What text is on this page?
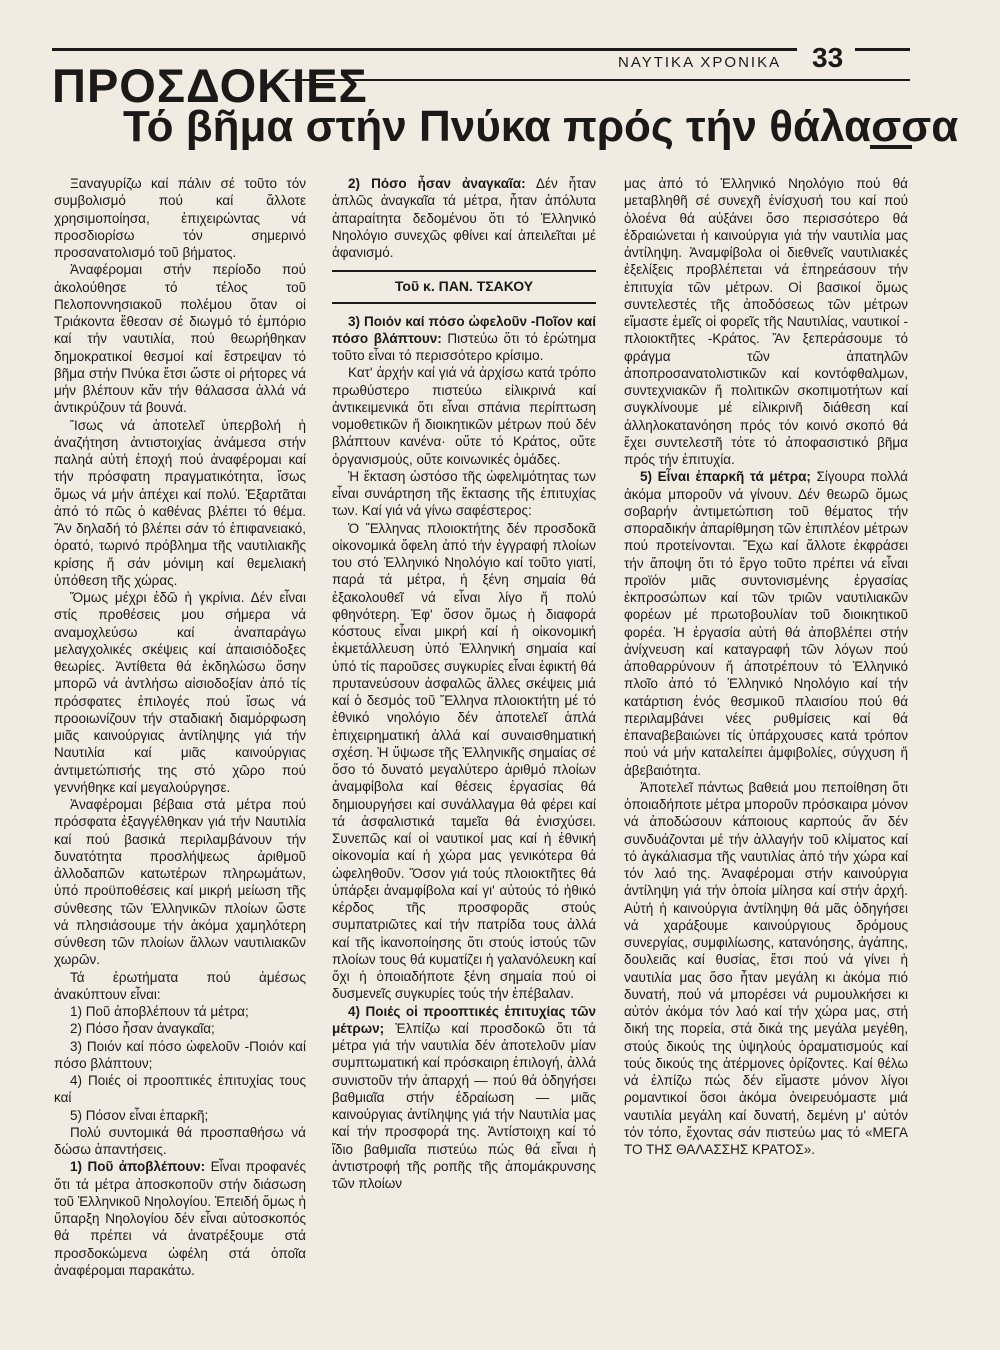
ΝΑΥΤΙΚΑ ΧΡΟΝΙΚΑ 33
ΠΡΟΣΔΟΚΙΕΣ
Τό βῆμα στήν Πνύκα πρός τήν θάλασσα

Ξαναγυρίζω καί πάλιν σέ τοῦτο τόν συμβολισμό πού καί ἄλλοτε χρησιμοποίησα, ἐπιχειρώντας νά προσδιορίσω τόν σημερινό προσανατολισμό τοῦ βήματος.

Ἀναφέρομαι στήν περίοδο πού ἀκολούθησε τό τέλος τοῦ Πελοποννησιακοῦ πολέμου ὅταν οἱ Τριάκοντα ἔθεσαν σέ διωγμό τό ἐμπόριο καί τήν ναυτιλία, πού θεωρήθηκαν δημοκρατικοί θεσμοί καί ἔστρεψαν τό βῆμα στήν Πνύκα ἔτσι ὥστε οἱ ρήτορες νά μήν βλέπουν κἄν τήν θάλασσα ἀλλά νά ἀντικρύζουν τά βουνά.

Ἴσως νά ἀποτελεῖ ὑπερβολή ἡ ἀναζήτηση ἀντιστοιχίας ἀνάμεσα στήν παληά αὐτή ἐποχή πού ἀναφέρομαι καί τήν πρόσφατη πραγματικότητα, ἴσως ὅμως νά μήν ἀπέχει καί πολύ. Ἐξαρτᾶται ἀπό τό πῶς ὁ καθένας βλέπει τό θέμα. Ἄν δηλαδή τό βλέπει σάν τό ἐπιφανειακό, ὁρατό, τωρινό πρόβλημα τῆς ναυτιλιακῆς κρίσης ἤ σάν μόνιμη καί θεμελιακή ὑπόθεση τῆς χώρας.

Ὅμως μέχρι ἐδῶ ἡ γκρίνια. Δέν εἶναι στίς προθέσεις μου σήμερα νά αναμοχλεύσω καί ἀναπαράγω μελαγχολικές σκέψεις καί ἀπαισιόδοξες θεωρίες. Ἀντίθετα θά ἐκδηλώσω ὅσην μπορῶ νά ἀντλήσω αἰσιοδοξίαν ἀπό τίς πρόσφατες ἐπιλογές πού ἴσως νά προοιωνίζουν τήν σταδιακή διαμόρφωση μιᾶς καινούργιας ἀντίληψης γιά τήν Ναυτιλία καί μιᾶς καινούργιας ἀντιμετώπισής της στό χῶρο πού γεννήθηκε καί μεγαλούργησε.

Ἀναφέρομαι βέβαια στά μέτρα πού πρόσφατα ἐξαγγέλθηκαν γιά τήν Ναυτιλία καί πού βασικά περιλαμβάνουν τήν δυνατότητα προσλήψεως ἀριθμοῦ ἀλλοδαπῶν κατωτέρων πληρωμάτων, ὑπό προϋποθέσεις καί μικρή μείωση τῆς σύνθεσης τῶν Ἑλληνικῶν πλοίων ὥστε νά πλησιάσουμε τήν ἀκόμα χαμηλότερη σύνθεση τῶν πλοίων ἄλλων ναυτιλιακῶν χωρῶν.

Τά ἐρωτήματα πού ἀμέσως ἀνακύπτουν εἶναι:

1) Ποῦ ἀποβλέπουν τά μέτρα;

2) Πόσο ἦσαν ἀναγκαῖα;

3) Ποιόν καί πόσο ὠφελοῦν -Ποιόν καί πόσο βλάπτουν;

4) Ποιές οἱ προοπτικές ἐπιτυχίας τους καί

5) Πόσον εἶναι ἐπαρκῆ;

Πολύ συντομικά θά προσπαθήσω νά δώσω ἀπαντήσεις.

1) Ποῦ ἀποβλέπουν: Εἶναι προφανές ὅτι τά μέτρα ἀποσκοποῦν στήν διάσωση τοῦ Ἑλληνικοῦ Νηολογίου. Ἐπειδή ὅμως ἡ ὕπαρξη Νηολογίου δέν εἶναι αὐτοσκοπός θά πρέπει νά ἀνατρέξουμε στά προσδοκώμενα ὠφέλη στά ὁποῖα ἀναφέρομαι παρακάτω.

2) Πόσο ἦσαν ἀναγκαῖα: Δέν ἦταν ἁπλῶς ἀναγκαῖα τά μέτρα, ἦταν ἀπόλυτα ἀπαραίτητα δεδομένου ὅτι τό Ἑλληνικό Νηολόγιο συνεχῶς φθίνει καί ἀπειλεῖται μέ ἀφανισμό.

Τοῦ κ. ΠΑΝ. ΤΣΑΚΟΥ

3) Ποιόν καί πόσο ὠφελοῦν -Ποῖον καί πόσο βλάπτουν: Πιστεύω ὅτι τό ἐρώτημα τοῦτο εἶναι τό περισσότερο κρίσιμο.

Κατ' ἀρχήν καί γιά νά ἀρχίσω κατά τρόπο πρωθύστερο πιστεύω εἰλικρινά καί ἀντικειμενικά ὅτι εἶναι σπάνια περίπτωση νομοθετικῶν ἤ διοικητικῶν μέτρων πού δέν βλάπτουν κανένα· οὔτε τό Κράτος, οὔτε ὀργανισμούς, οὔτε κοινωνικές ὁμάδες.

Ἡ ἔκταση ὡστόσο τῆς ὠφελιμότητας των εἶναι συνάρτηση τῆς ἔκτασης τῆς ἐπιτυχίας των. Καί γιά νά γίνω σαφέστερος:

Ὁ Ἕλληνας πλοιοκτήτης δέν προσδοκᾶ οἰκονομικά ὄφελη ἀπό τήν ἐγγραφή πλοίων του στό Ἑλληνικό Νηολόγιο καί τοῦτο γιατί, παρά τά μέτρα, ἡ ξένη σημαία θά ἐξακολουθεῖ νά εἶναι λίγο ἤ πολύ φθηνότερη. Ἐφ' ὅσον ὅμως ἡ διαφορά κόστους εἶναι μικρή καί ἡ οἰκονομική ἐκμετάλλευση ὑπό Ἑλληνική σημαία καί ὑπό τίς παροῦσες συγκυρίες εἶναι ἐφικτή θά πρυτανεύσουν ἀσφαλῶς ἄλλες σκέψεις μιά καί ὁ δεσμός τοῦ Ἕλληνα πλοιοκτήτη μέ τό ἐθνικό νηολόγιο δέν ἀποτελεῖ ἁπλά ἐπιχειρηματική ἀλλά καί συναισθηματική σχέση. Ἡ ὕψωσε τῆς Ἑλληνικῆς σημαίας σέ ὅσο τό δυνατό μεγαλύτερο ἀριθμό πλοίων ἀναμφίβολα καί θέσεις ἐργασίας θά δημιουργήσει καί συνάλλαγμα θά φέρει καί τά ἀσφαλιστικά ταμεῖα θά ἐνισχύσει. Συνεπῶς καί οἱ ναυτικοί μας καί ἡ ἐθνική οἰκονομία καί ἡ χώρα μας γενικότερα θά ὠφεληθοῦν. Ὅσον γιά τούς πλοιοκτῆτες θά ὑπάρξει ἀναμφίβολα καί γι' αὐτούς τό ἠθικό κέρδος τῆς προσφορᾶς στούς συμπατριῶτες καί τήν πατρίδα τους ἀλλά καί τῆς ἱκανοποίησης ὅτι στούς ἱστούς τῶν πλοίων τους θά κυματίζει ἡ γαλανόλευκη καί ὄχι ἡ ὁποιαδήποτε ξένη σημαία πού οἱ δυσμενεῖς συγκυρίες τούς τήν ἐπέβαλαν.

4) Ποιές οἱ προοπτικές ἐπιτυχίας τῶν μέτρων; Ἐλπίζω καί προσδοκῶ ὅτι τά μέτρα γιά τήν ναυτιλία δέν ἀποτελοῦν μίαν συμπτωματική καί πρόσκαιρη ἐπιλογή, ἀλλά συνιστοῦν τήν ἀπαρχή — πού θά ὁδηγήσει βαθμιαῖα στήν ἑδραίωση — μιᾶς καινούργιας ἀντίληψης γιά τήν Ναυτιλία μας καί τήν προσφορά της. Ἀντίστοιχη καί τό ἴδιο βαθμιαῖα πιστεύω πώς θά εἶναι ἡ ἀντιστροφή τῆς ροπῆς τῆς ἀπομάκρυνσης τῶν πλοίων

μας ἀπό τό Ἑλληνικό Νηολόγιο πού θά μεταβληθῆ σέ συνεχῆ ἐνίσχυσή του καί πού ὁλοένα θά αὐξάνει ὅσο περισσότερο θά ἑδραιώνεται ἡ καινούργια γιά τήν ναυτιλία μας ἀντίληψη. Ἀναμφίβολα οἱ διεθνεῖς ναυτιλιακές ἐξελίξεις προβλέπεται νά ἐπηρεάσουν τήν ἐπιτυχία τῶν μέτρων. Οἱ βασικοί ὅμως συντελεστές τῆς ἀποδόσεως τῶν μέτρων εἴμαστε ἐμεῖς οἱ φορεῖς τῆς Ναυτιλίας, ναυτικοί - πλοιοκτῆτες -Κράτος. Ἄν ξεπεράσουμε τό φράγμα τῶν ἀπατηλῶν ἀποπροσανατολιστικῶν καί κοντόφθαλμων, συντεχνιακῶν ἤ πολιτικῶν σκοπιμοτήτων καί συγκλίνουμε μέ εἰλικρινῆ διάθεση καί ἀλληλοκατανόηση πρός τόν κοινό σκοπό θά ἔχει συντελεστῆ τότε τό ἀποφασιστικό βῆμα πρός τήν ἐπιτυχία.

5) Εἶναι ἐπαρκῆ τά μέτρα; Σίγουρα πολλά ἀκόμα μποροῦν νά γίνουν. Δέν θεωρῶ ὅμως σοβαρήν ἀντιμετώπιση τοῦ θέματος τήν σποραδικήν ἀπαρίθμηση τῶν ἐπιπλέον μέτρων πού προτείνονται. Ἔχω καί ἄλλοτε ἐκφράσει τήν ἄποψη ὅτι τό ἔργο τοῦτο πρέπει νά εἶναι προϊόν μιᾶς συντονισμένης ἐργασίας ἐκπροσώπων καί τῶν τριῶν ναυτιλιακῶν φορέων μέ πρωτοβουλίαν τοῦ διοικητικοῦ φορέα. Ἡ ἐργασία αὐτή θά ἀποβλέπει στήν ἀνίχνευση καί καταγραφή τῶν λόγων πού ἀποθαρρύνουν ἤ ἀποτρέπουν τό Ἑλληνικό πλοῖο ἀπό τό Ἑλληνικό Νηολόγιο καί τήν κατάρτιση ἑνός θεσμικοῦ πλαισίου πού θά περιλαμβάνει νέες ρυθμίσεις καί θά ἐπαναβεβαιώνει τίς ὑπάρχουσες κατά τρόπον πού νά μήν καταλείπει ἀμφιβολίες, σύγχυση ἤ ἀβεβαιότητα.

Ἀποτελεῖ πάντως βαθειά μου πεποίθηση ὅτι ὁποιαδήποτε μέτρα μποροῦν πρόσκαιρα μόνον νά ἀποδώσουν κάποιους καρπούς ἄν δέν συνδυάζονται μέ τήν ἀλλαγήν τοῦ κλίματος καί τό ἀγκάλιασμα τῆς ναυτιλίας ἀπό τήν χώρα καί τόν λαό της. Ἀναφέρομαι στήν καινούργια ἀντίληψη γιά τήν ὁποία μίλησα καί στήν ἀρχή. Αὐτή ἡ καινούργια ἀντίληψη θά μᾶς ὁδηγήσει νά χαράξουμε καινούργιους δρόμους συνεργίας, συμφιλίωσης, κατανόησης, ἀγάπης, δουλειᾶς καί θυσίας, ἔτσι πού νά γίνει ἡ ναυτιλία μας ὅσο ἦταν μεγάλη κι ἀκόμα πιό δυνατή, πού νά μπορέσει νά ρυμουλκήσει κι αὐτόν ἀκόμα τόν λαό καί τήν χώρα μας, στή δική της πορεία, στά δικά της μεγάλα μεγέθη, στούς δικούς της ὑψηλούς ὁραματισμούς καί τούς δικούς της ἀτέρμονες ὁρίζοντες. Καί θέλω νά ἐλπίζω πώς δέν εἴμαστε μόνον λίγοι ρομαντικοί ὅσοι ἀκόμα ὀνειρευόμαστε μιά ναυτιλία μεγάλη καί δυνατή, δεμένη μ' αὐτόν τόν τόπο, ἔχοντας σάν πιστεύω μας τό «ΜΕΓΑ ΤΟ ΤΗΣ ΘΑΛΑΣΣΗΣ ΚΡΑΤΟΣ».
